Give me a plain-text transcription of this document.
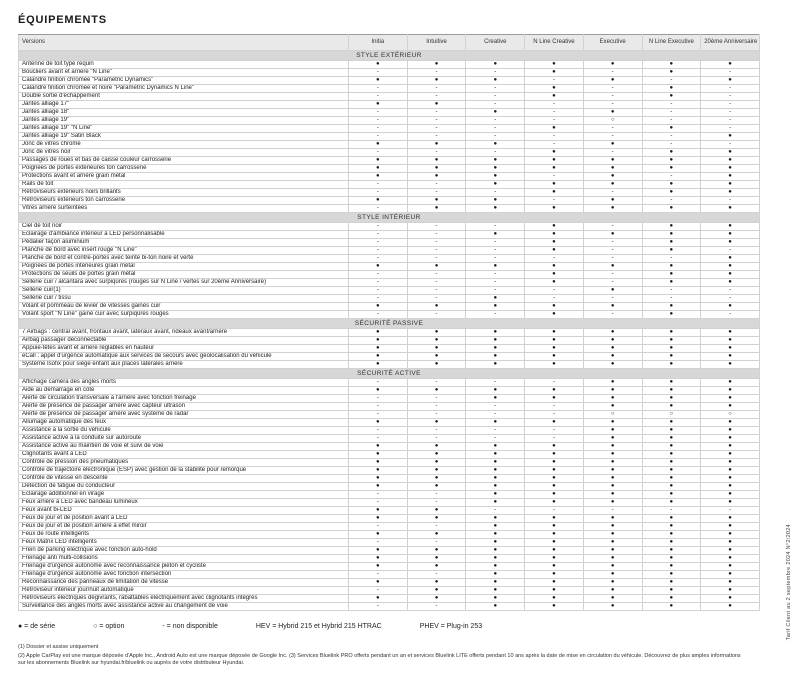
ÉQUIPEMENTS
Versions	Initia	Intuitive	Creative	N Line Creative	Executive	N Line Executive	20ème Anniversaire
STYLE EXTÉRIEUR							
Antenne de toit type requin	●	●	●	●	●	●	●
Boucliers avant et arrière "N Line"	-	-	-	●	-	●	-
Calandre finition chromée "Parametric Dynamics"	●	●	●	-	●	-	●
Calandre finition chromée et noire "Parametric Dynamics N Line"	-	-	-	●	-	●	-
Double sortie d'échappement	-	-	-	●	-	●	-
Jantes alliage 17"	●	●	-	-	-	-	-
Jantes alliage 18"	-	-	●	-	●	-	-
Jantes alliage 19"	-	-	-	-	○	-	-
Jantes alliage 19" "N Line"	-	-	-	●	-	●	-
Jantes alliage 19" Satin Black	-	-	-	-	-	-	●
Jonc de vitres chromé	●	●	●	-	●	-	-
Jonc de vitres noir	-	-	-	●	-	●	●
Passages de roues et bas de caisse couleur carrosserie	●	●	●	●	●	●	●
Poignées de portes extérieures ton carrosserie	●	●	●	●	●	●	●
Protections avant et arrière grain métal	●	●	●	-	●	-	●
Rails de toit	-	-	●	●	●	●	●
Rétroviseurs extérieurs noirs brillants	-	-	-	●	-	●	●
Rétroviseurs extérieurs ton carrosserie	●	●	●	-	●	-	-
Vitres arrière surteintées	-	●	●	●	●	●	●
STYLE INTÉRIEUR							
Ciel de toit noir	-	-	-	●	-	●	●
Éclairage d'ambiance intérieur à LED personnalisable	-	-	●	●	●	●	●
Pédalier façon aluminium	-	-	-	●	-	●	●
Planche de bord avec insert rouge "N Line"	-	-	-	●	-	●	-
Planche de bord et contre-portes avec teinte bi-ton noire et verte	-	-	-	-	-	-	●
Poignées de portes intérieures grain métal	●	●	●	●	●	●	●
Protections de seuils de portes grain métal	-	-	-	●	-	●	●
Sellerie cuir / alcantara avec surpiqûres (rouges sur N Line / vertes sur 20ème Anniversaire)	-	-	-	●	-	●	●
Sellerie cuir(1)	-	-	-	-	●	-	-
Sellerie cuir / tissu	-	-	●	-	-	-	-
Volant et pommeau de levier de vitesses gainés cuir	●	●	●	●	●	●	●
Volant sport "N Line" gainé cuir avec surpiqûres rouges	-	-	-	●	-	●	-
SÉCURITÉ PASSIVE							
7 Airbags : central avant, frontaux avant, latéraux avant, rideaux avant/arrière	●	●	●	●	●	●	●
Airbag passager déconnectable	●	●	●	●	●	●	●
Appuie-têtes avant et arrière réglables en hauteur	●	●	●	●	●	●	●
eCall : appel d'urgence automatique aux services de secours avec géolocalisation du véhicule	●	●	●	●	●	●	●
Système Isofix pour siège enfant aux places latérales arrière	●	●	●	●	●	●	●
SÉCURITÉ ACTIVE							
Affichage caméra des angles morts	-	-	-	-	●	●	●
Aide au démarrage en côte	●	●	●	●	●	●	●
Alerte de circulation transversale à l'arrière avec fonction freinage	-	-	●	●	●	●	●
Alerte de présence de passager arrière avec capteur ultrason	-	-	-	-	●	●	●
Alerte de présence de passager arrière avec système de radar	-	-	-	-	○	○	○
Allumage automatique des feux	●	●	●	●	●	●	●
Assistance à la sortie du véhicule	-	-	-	-	●	●	●
Assistance active à la conduite sur autoroute	-	-	-	-	●	●	●
Assistance active au maintien de voie et suivi de voie	●	●	●	●	●	●	●
Clignotants avant à LED	●	●	●	●	●	●	●
Contrôle de pression des pneumatiques	●	●	●	●	●	●	●
Contrôle de trajectoire électronique (ESP) avec gestion de la stabilité pour remorque	●	●	●	●	●	●	●
Contrôle de vitesse en descente	●	●	●	●	●	●	●
Détection de fatigue du conducteur	●	●	●	●	●	●	●
Éclairage additionnel en virage	-	-	●	●	●	●	●
Feux arrière à LED avec bandeau lumineux	-	-	●	●	●	●	●
Feux avant bi-LED	●	●	-	-	-	-	-
Feux de jour et de position avant à LED	●	●	●	●	●	●	●
Feux de jour et de position arrière à effet miroir	-	-	●	●	●	●	●
Feux de route intelligents	●	●	●	●	●	●	●
Feux Matrix LED intelligents	-	-	●	●	●	●	●
Frein de parking électrique avec fonction auto-hold	●	●	●	●	●	●	●
Freinage anti multi-collisions	●	●	●	●	●	●	●
Freinage d'urgence autonome avec reconnaissance piéton et cycliste	●	●	●	●	●	●	●
Freinage d'urgence autonome avec fonction intersection	-	-	●	●	●	●	●
Reconnaissance des panneaux de limitation de vitesse	●	●	●	●	●	●	●
Rétroviseur intérieur jour/nuit automatique	-	●	●	●	●	●	●
Rétroviseurs électriques dégivrants, rabattables électriquement avec clignotants intégrés	●	●	●	●	●	●	●
Surveillance des angles morts avec assistance active au changement de voie	-	-	●	●	●	●	●
● = de série	○ = option	- = non disponible	HEV = Hybrid 215 et Hybrid 215 HTRAC	PHEV = Plug-in 253
(1) Dossier et assise uniquement
(2) Apple CarPlay est une marque déposée d'Apple Inc., Android Auto est une marque déposée de Google Inc. (3) Services Bluelink PRO offerts pendant un an et services Bluelink LITE offerts pendant 10 ans après la date de mise en circulation du véhicule. Découvrez de plus amples informations sur les abonnements Bluelink sur hyundai.fr/bluelink ou auprès de votre distributeur Hyundai.
Tarif Client au 2 septembre 2024 N°2/2024
